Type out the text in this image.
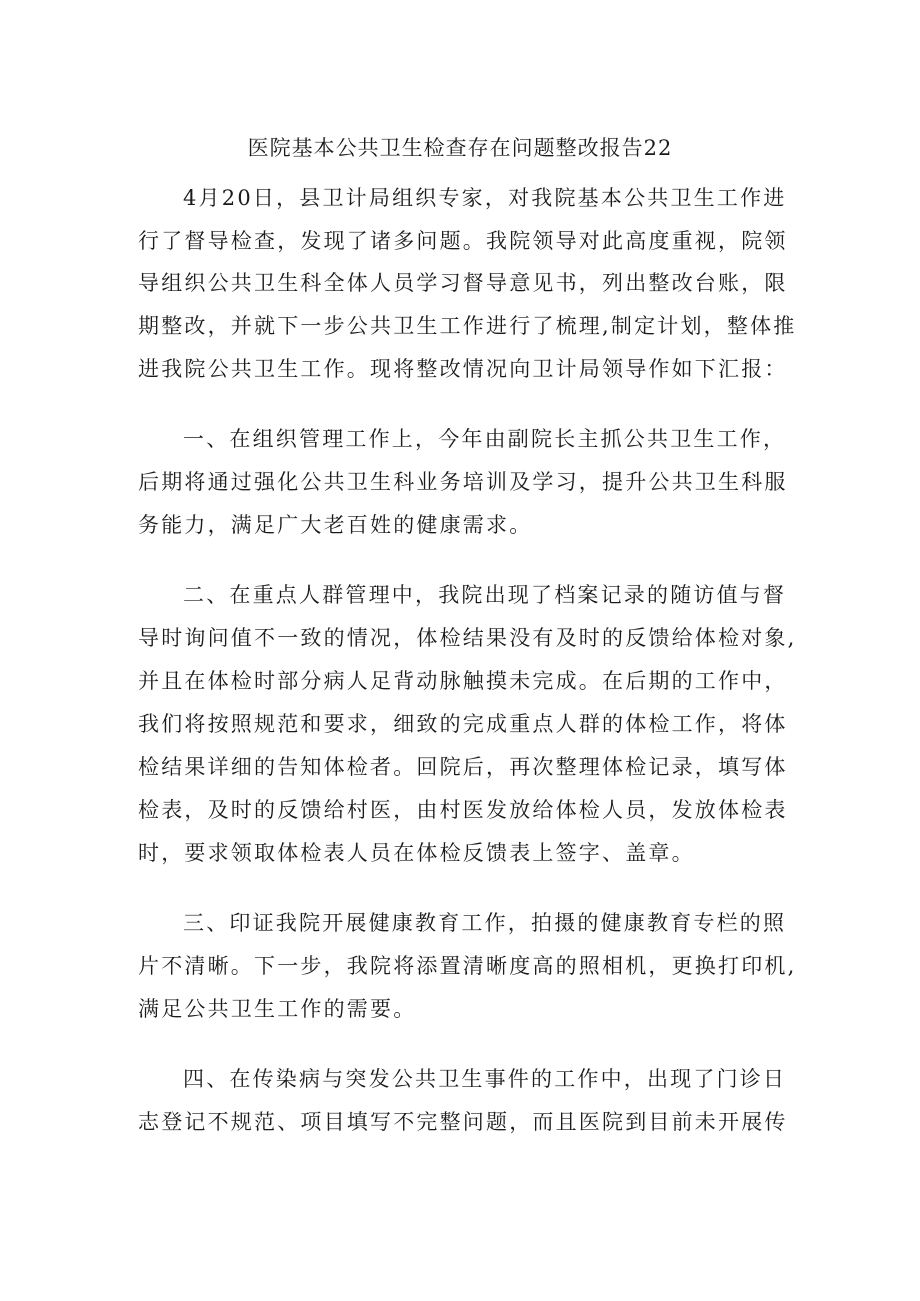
医院基本公共卫生检查存在问题整改报告22
4月20日，县卫计局组织专家，对我院基本公共卫生工作进
行了督导检查，发现了诸多问题。我院领导对此高度重视，院领
导组织公共卫生科全体人员学习督导意见书，列出整改台账，限
期整改，并就下一步公共卫生工作进行了梳理,制定计划，整体推
进我院公共卫生工作。现将整改情况向卫计局领导作如下汇报：
一、在组织管理工作上，今年由副院长主抓公共卫生工作，
后期将通过强化公共卫生科业务培训及学习，提升公共卫生科服
务能力，满足广大老百姓的健康需求。
二、在重点人群管理中，我院出现了档案记录的随访值与督
导时询问值不一致的情况，体检结果没有及时的反馈给体检对象,
并且在体检时部分病人足背动脉触摸未完成。在后期的工作中，
我们将按照规范和要求，细致的完成重点人群的体检工作，将体
检结果详细的告知体检者。回院后，再次整理体检记录，填写体
检表，及时的反馈给村医，由村医发放给体检人员，发放体检表
时，要求领取体检表人员在体检反馈表上签字、盖章。
三、印证我院开展健康教育工作，拍摄的健康教育专栏的照
片不清晰。下一步，我院将添置清晰度高的照相机，更换打印机,
满足公共卫生工作的需要。
四、在传染病与突发公共卫生事件的工作中，出现了门诊日
志登记不规范、项目填写不完整问题，而且医院到目前未开展传
